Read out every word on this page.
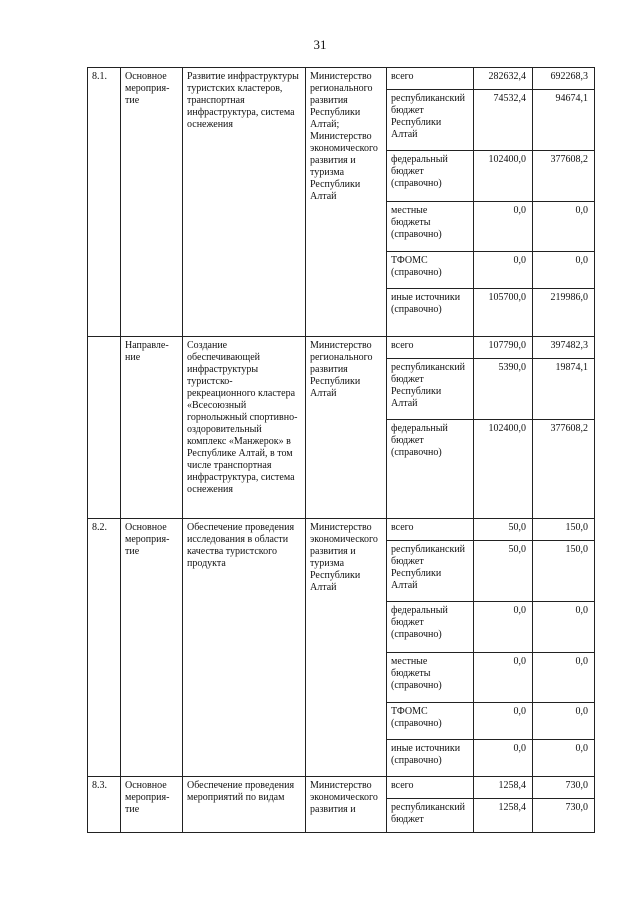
31
8.1.	Основное мероприя-тие	Развитие инфраструктуры туристских кластеров, транспортная инфраструктура, система оснежения	Министерство регионального развития Республики Алтай; Министерство экономического развития и туризма Республики Алтай	всего	282632,4	692268,3
				республиканский бюджет Республики Алтай	74532,4	94674,1
				федеральный бюджет (справочно)	102400,0	377608,2
				местные бюджеты (справочно)	0,0	0,0
				ТФОМС (справочно)	0,0	0,0
				иные источники (справочно)	105700,0	219986,0
	Направле-ние	Создание обеспечивающей инфраструктуры туристско-рекреационного кластера «Всесоюзный горнолыжный спортивно-оздоровительный комплекс «Манжерок» в Республике Алтай, в том числе транспортная инфраструктура, система оснежения	Министерство регионального развития Республики Алтай	всего	107790,0	397482,3
				республиканский бюджет Республики Алтай	5390,0	19874,1
				федеральный бюджет (справочно)	102400,0	377608,2
8.2.	Основное мероприя-тие	Обеспечение проведения исследования в области качества туристского продукта	Министерство экономического развития и туризма Республики Алтай	всего	50,0	150,0
				республиканский бюджет Республики Алтай	50,0	150,0
				федеральный бюджет (справочно)	0,0	0,0
				местные бюджеты (справочно)	0,0	0,0
				ТФОМС (справочно)	0,0	0,0
				иные источники (справочно)	0,0	0,0
8.3.	Основное мероприя-тие	Обеспечение проведения мероприятий по видам	Министерство экономического развития и	всего	1258,4	730,0
				республиканский бюджет	1258,4	730,0
